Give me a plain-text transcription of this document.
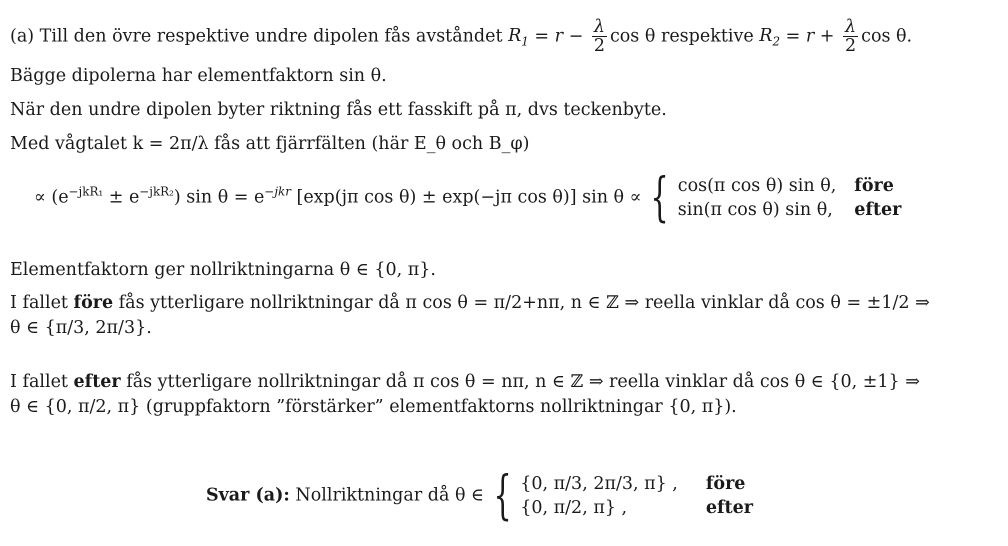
(a) Till den övre respektive undre dipolen fås avståndet $R_1 = r - \frac{\lambda}{2}$ cos θ respektive $R_2 = r + \frac{\lambda}{2}$ cos θ.
Bägge dipolerna har elementfaktorn sin θ.
När den undre dipolen byter riktning fås ett fasskift på π, dvs teckenbyte.
Med vågtalet k = 2π/λ fås att fjärrfälten (här E_θ och B_φ)
∝ $(e^{-jkR_1} \pm e^{-jkR_2})$ $\sin \theta = e^{-jkr}$ [exp(jπ cos θ) ± exp(−jπ cos θ)] sin θ ∝ { cos(π cos θ) sin θ, före
sin(π cos θ) sin θ, efter
Elementfaktorn ger nollriktningarna θ ∈ {0, π}.
I fallet före fås ytterligare nollriktningar då π cos θ = π/2+nπ, n ∈ ℤ ⇒ reella vinklar då cos θ = ±1/2 ⇒
θ ∈ {π/3, 2π/3}.
I fallet efter fås ytterligare nollriktningar då π cos θ = nπ, n ∈ ℤ ⇒ reella vinklar då cos θ ∈ {0, ±1} ⇒
θ ∈ {0, π/2, π} (gruppfaktorn ”förstärker” elementfaktorns nollriktningar {0, π}).
Svar (a): Nollriktningar då θ ∈ { {0, π/3, 2π/3, π} , före
{0, π/2, π} ,	efter
